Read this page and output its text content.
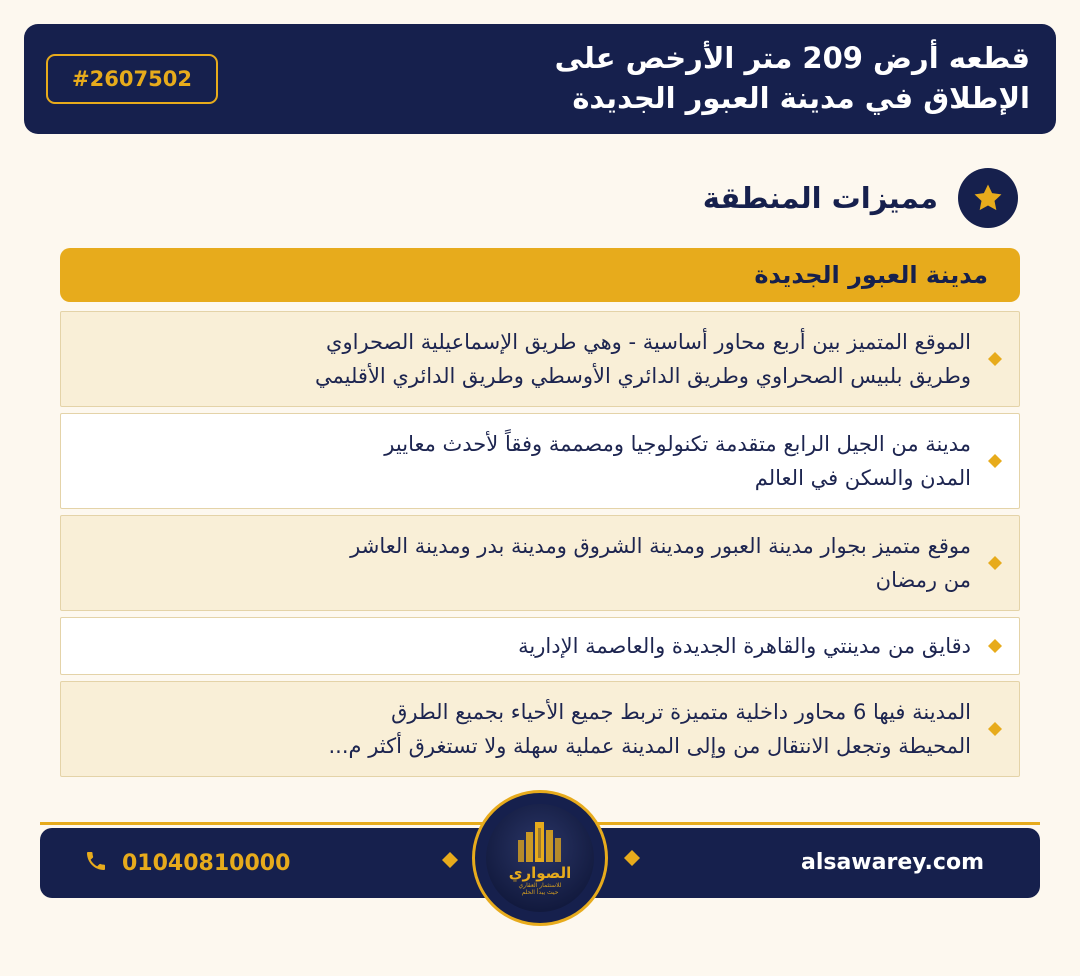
#2607502
قطعه أرض 209 متر الأرخص على
الإطلاق في مدينة العبور الجديدة
مميزات المنطقة
مدينة العبور الجديدة
الموقع المتميز بين أربع محاور أساسية - وهي طريق الإسماعيلية الصحراوي
وطريق بلبيس الصحراوي وطريق الدائري الأوسطي وطريق الدائري الأقليمي
مدينة من الجيل الرابع متقدمة تكنولوجيا ومصممة وفقاً لأحدث معايير
المدن والسكن في العالم
موقع متميز بجوار مدينة العبور ومدينة الشروق ومدينة بدر ومدينة العاشر
من رمضان
دقايق من مدينتي والقاهرة الجديدة والعاصمة الإدارية
المدينة فيها 6 محاور داخلية متميزة تربط جميع الأحياء بجميع الطرق
المحيطة وتجعل الانتقال من وإلى المدينة عملية سهلة ولا تستغرق أكثر م...
01040810000	alsawarey.com
الصواري
للاستثمار العقاري
حيث يبدأ الحلم
